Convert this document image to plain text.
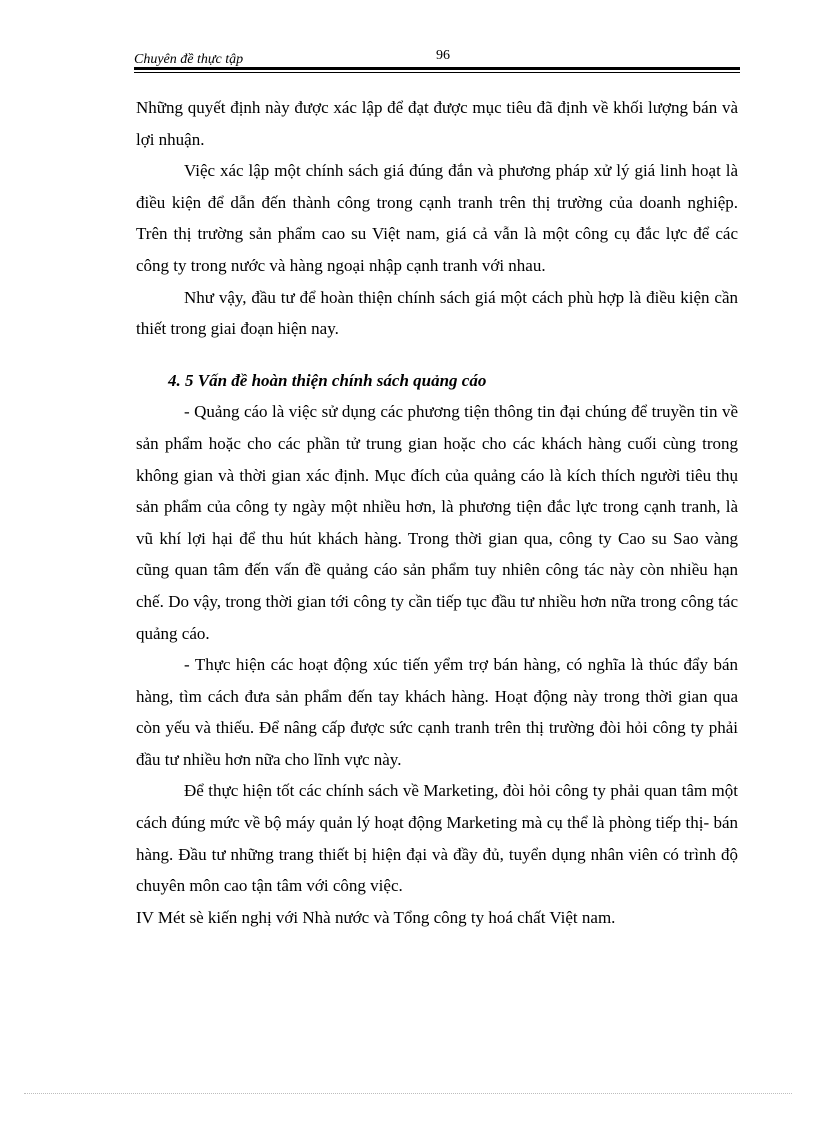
Chuyên đề thực tập	96

Những quyết định này được xác lập để đạt được mục tiêu đã định về khối lượng bán và lợi nhuận.

Việc xác lập một chính sách giá đúng đắn và phương pháp xử lý giá linh hoạt là điều kiện để dẫn đến thành công trong cạnh tranh trên thị trường của doanh nghiệp. Trên thị trường sản phẩm cao su Việt nam, giá cả vẫn là một công cụ đắc lực để các công ty trong nước và hàng ngoại nhập cạnh tranh với nhau.

Như vậy, đầu tư để hoàn thiện chính sách giá một cách phù hợp là điều kiện cần thiết trong giai đoạn hiện nay.

4. 5 Vấn đề hoàn thiện chính sách quảng cáo

- Quảng cáo là việc sử dụng các phương tiện thông tin đại chúng để truyền tin về sản phẩm hoặc cho các phần tử trung gian hoặc cho các khách hàng cuối cùng trong không gian và thời gian xác định. Mục đích của quảng cáo là kích thích người tiêu thụ sản phẩm của công ty ngày một nhiều hơn, là phương tiện đắc lực trong cạnh tranh, là vũ khí lợi hại để thu hút khách hàng. Trong thời gian qua, công ty Cao su Sao vàng cũng quan tâm đến vấn đề quảng cáo sản phẩm tuy nhiên công tác này còn nhiều hạn chế. Do vậy, trong thời gian tới công ty cần tiếp tục đầu tư nhiều hơn nữa trong công tác quảng cáo.

- Thực hiện các hoạt động xúc tiến yểm trợ bán hàng, có nghĩa là thúc đẩy bán hàng, tìm cách đưa sản phẩm đến tay khách hàng. Hoạt động này trong thời gian qua còn yếu và thiếu. Để nâng cấp được sức cạnh tranh trên thị trường đòi hỏi công ty phải đầu tư nhiều hơn nữa cho lĩnh vực này.

Để thực hiện tốt các chính sách về Marketing, đòi hỏi công ty phải quan tâm một cách đúng mức về bộ máy quản lý hoạt động Marketing mà cụ thể là phòng tiếp thị- bán hàng. Đầu tư những trang thiết bị hiện đại và đầy đủ, tuyển dụng nhân viên có trình độ chuyên môn cao tận tâm với công việc.

IV Mét sè kiến nghị với Nhà nước và Tổng công ty hoá chất Việt nam.
